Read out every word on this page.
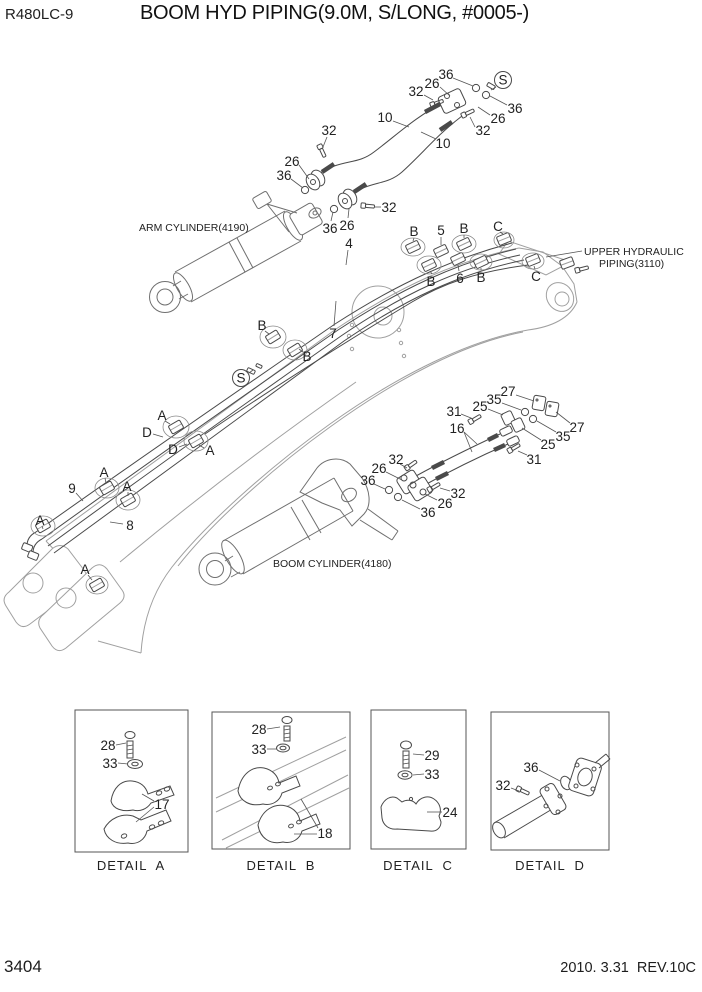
R480LC-9	BOOM HYD PIPING(9.0M, S/LONG, #0005-)
32
26
36
10
10
32
26
36
36
26
32
32
36 26
4
B 5 B C
B 6 B	C
7
B
B
A
D
D A
A
A
9
8
A
A
31 25
35
27
16	27
35
25
31
32
26
36
32
26
36
28
33
17
28
33
18
29
33
24
36
32
S
S
ARM CYLINDER(4190)
BOOM CYLINDER(4180)
UPPER HYDRAULIC
PIPING(3110)
DETAIL  A	DETAIL  B	DETAIL  C	DETAIL  D
3404	2010. 3.31  REV.10C
